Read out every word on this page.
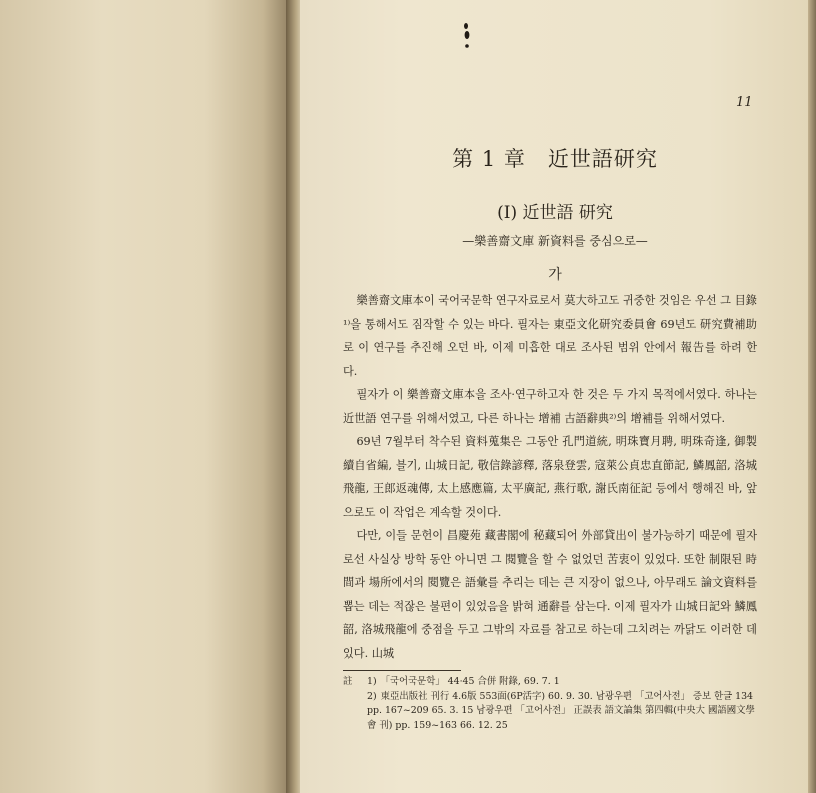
11
第 1 章　近世語研究
(Ⅰ) 近世語 研究
—樂善齋文庫 新資料를 중심으로—
가

樂善齋文庫本이 국어국문학 연구자료로서 莫大하고도 귀중한 것임은 우선 그 目錄¹⁾을 통해서도 짐작할 수 있는 바다. 필자는 東亞文化研究委員會 69년도 研究費補助로 이 연구를 추진해 오던 바, 이제 미흡한 대로 조사된 범위 안에서 報告를 하려 한다.

필자가 이 樂善齋文庫本을 조사·연구하고자 한 것은 두 가지 목적에서였다. 하나는 近世語 연구를 위해서였고, 다른 하나는 增補 古語辭典²⁾의 增補를 위해서였다.

69년 7월부터 착수된 資料蒐集은 그동안 孔門道統, 明珠寶月聘, 明珠奇逢, 御製續自省編, 블기, 山城日記, 敬信錄諺釋, 落泉登雲, 寇萊公貞忠直節記, 鱗鳳韶, 洛城飛龍, 王郎返魂傳, 太上感應篇, 太平廣記, 燕行歌, 謝氏南征記 등에서 행해진 바, 앞으로도 이 작업은 계속할 것이다.

다만, 이들 문헌이 昌慶苑 藏書閣에 秘藏되어 外部貸出이 불가능하기 때문에 필자로선 사실상 방학 동안 아니면 그 閱覽을 할 수 없었던 苦衷이 있었다. 또한 制限된 時間과 場所에서의 閱覽은 語彙를 추리는 데는 큰 지장이 없으나, 아무래도 論文資料를 뽑는 데는 적잖은 불편이 있었음을 밝혀 通辭를 삼는다. 이제 필자가 山城日記와 鱗鳳韶, 洛城飛龍에 중점을 두고 그밖의 자료를 참고로 하는데 그치려는 까닭도 이러한 데 있다. 山城

註 1) 「국어국문학」 44·45 合併 附錄, 69. 7. 1
2) 東亞出版社 刊行 4.6版 553面(6P活字) 60. 9. 30. 남광우편 「고어사전」 증보 한글 134 pp. 167~209 65. 3. 15 남광우편 「고어사전」 正誤表 語文論集 第四輯(中央大 國語國文學會 刊) pp. 159~163 66. 12. 25
